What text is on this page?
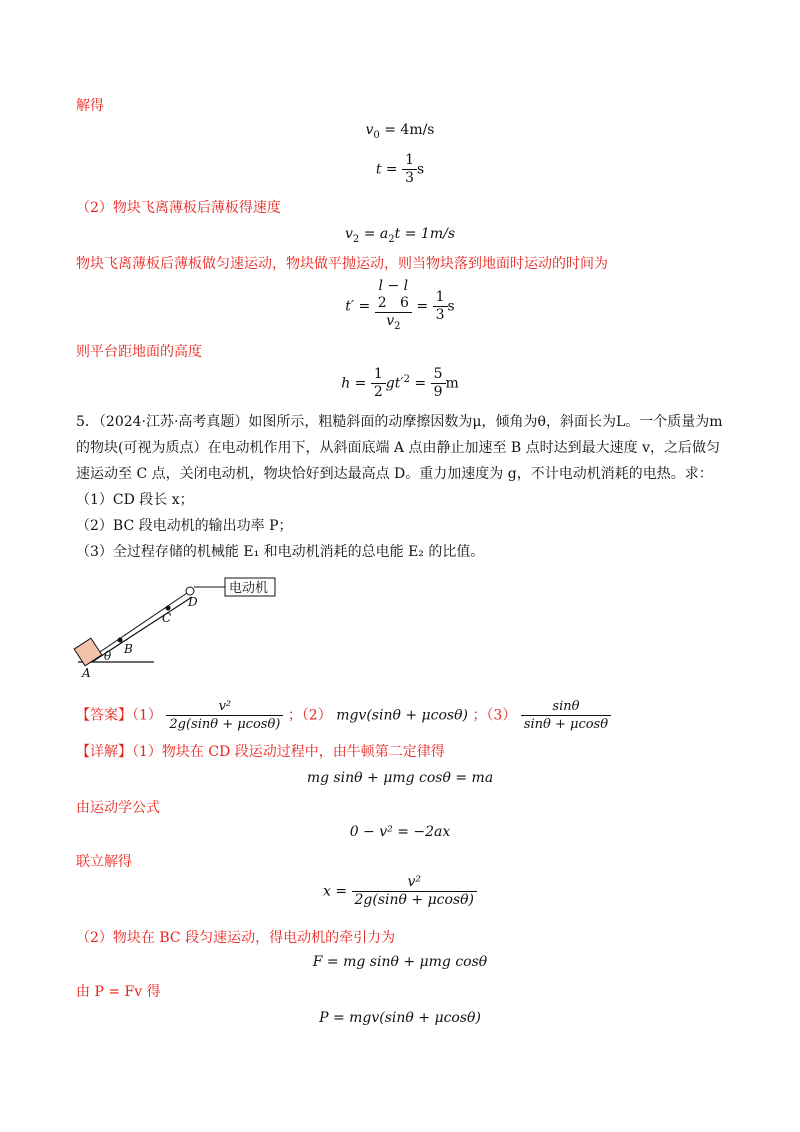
解得
$v_0 = 4m/s$
$t = \frac{1}{3}$ s
（2）物块飞离薄板后薄板得速度
$v_2 = a_2t = 1m/s$
物块飞离薄板后薄板做匀速运动，物块做平抛运动，则当物块落到地面时运动的时间为
t′ =
l − l
2 6
$v_2$
= $\frac{1}{3}$ s
则平台距地面的高度
$h = \frac{1}{2} gt'^2 = \frac{5}{9}$ m
5．（2024·江苏·高考真题）如图所示，粗糙斜面的动摩擦因数为μ，倾角为θ，斜面长为L。一个质量为m
的物块(可视为质点）在电动机作用下，从斜面底端 A 点由静止加速至 B 点时达到最大速度 v，之后做匀
速运动至 C 点，关闭电动机，物块恰好到达最高点 D。重力加速度为 g，不计电动机消耗的电热。求：
（1）CD 段长 x；
（2）BC 段电动机的输出功率 P；
（3）全过程存储的机械能 E₁ 和电动机消耗的总电能 E₂ 的比值。
电动机
A
B
C
D
θ
【答案】$(1) \frac{\text{v²}}{2g(\sin\theta + \mu\cos\theta)}$ ；（2） mgv(sinθ + μcosθ) ；$(3) \frac{\sin\theta}{\sin\theta + \mu\cos\theta}$
【详解】（1）物块在 CD 段运动过程中，由牛顿第二定律得
mg sinθ + μmg cosθ = ma
由运动学公式
0 − v² = −2ax
联立解得
$x = \frac{\text{v²}}{2g(\sin\theta + \mu\cos\theta)}$
（2）物块在 BC 段匀速运动，得电动机的牵引力为
F = mg sinθ + μmg cosθ
由 P = Fv 得
P = mgv(sinθ + μcosθ)
